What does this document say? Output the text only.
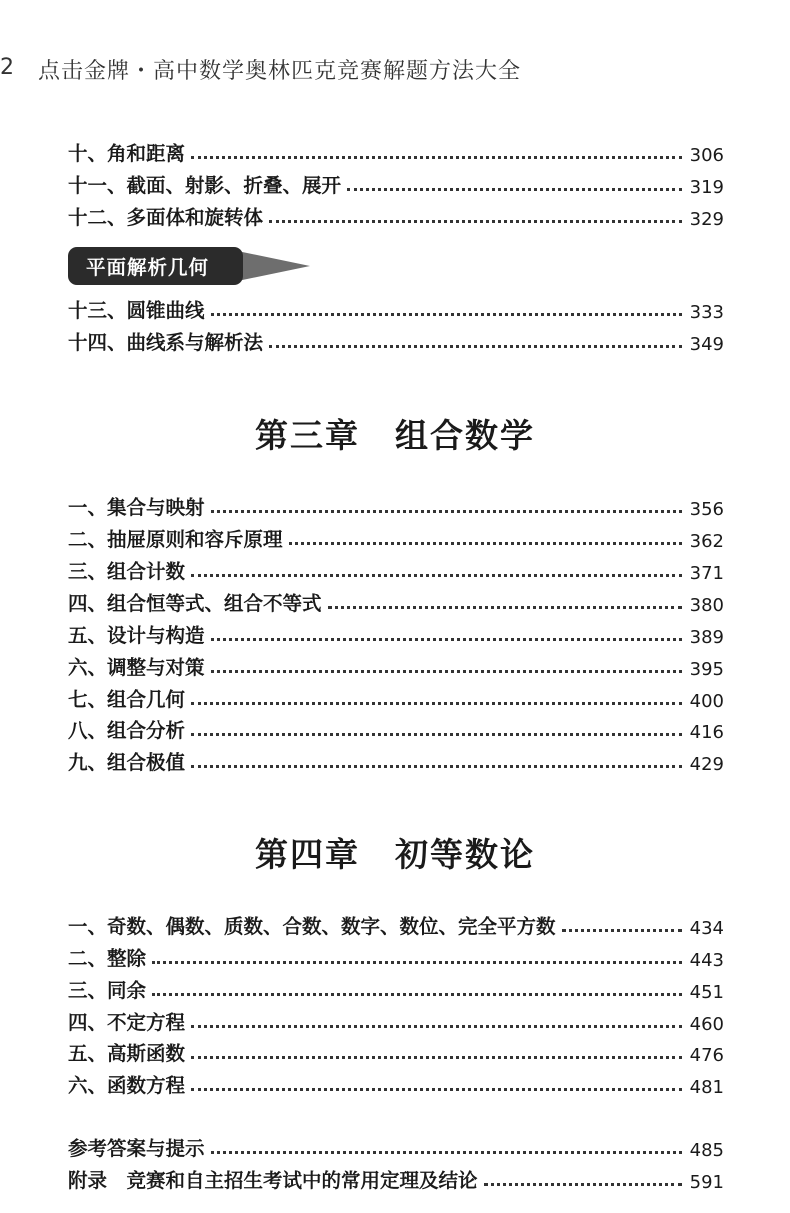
2 点击金牌・高中数学奥林匹克竞赛解题方法大全
十、角和距离	306
十一、截面、射影、折叠、展开	319
十二、多面体和旋转体	329
平面解析几何
十三、圆锥曲线	333
十四、曲线系与解析法	349
第三章　组合数学
一、集合与映射	356
二、抽屉原则和容斥原理	362
三、组合计数	371
四、组合恒等式、组合不等式	380
五、设计与构造	389
六、调整与对策	395
七、组合几何	400
八、组合分析	416
九、组合极值	429
第四章　初等数论
一、奇数、偶数、质数、合数、数字、数位、完全平方数	434
二、整除	443
三、同余	451
四、不定方程	460
五、高斯函数	476
六、函数方程	481
参考答案与提示	485
附录　竞赛和自主招生考试中的常用定理及结论	591
